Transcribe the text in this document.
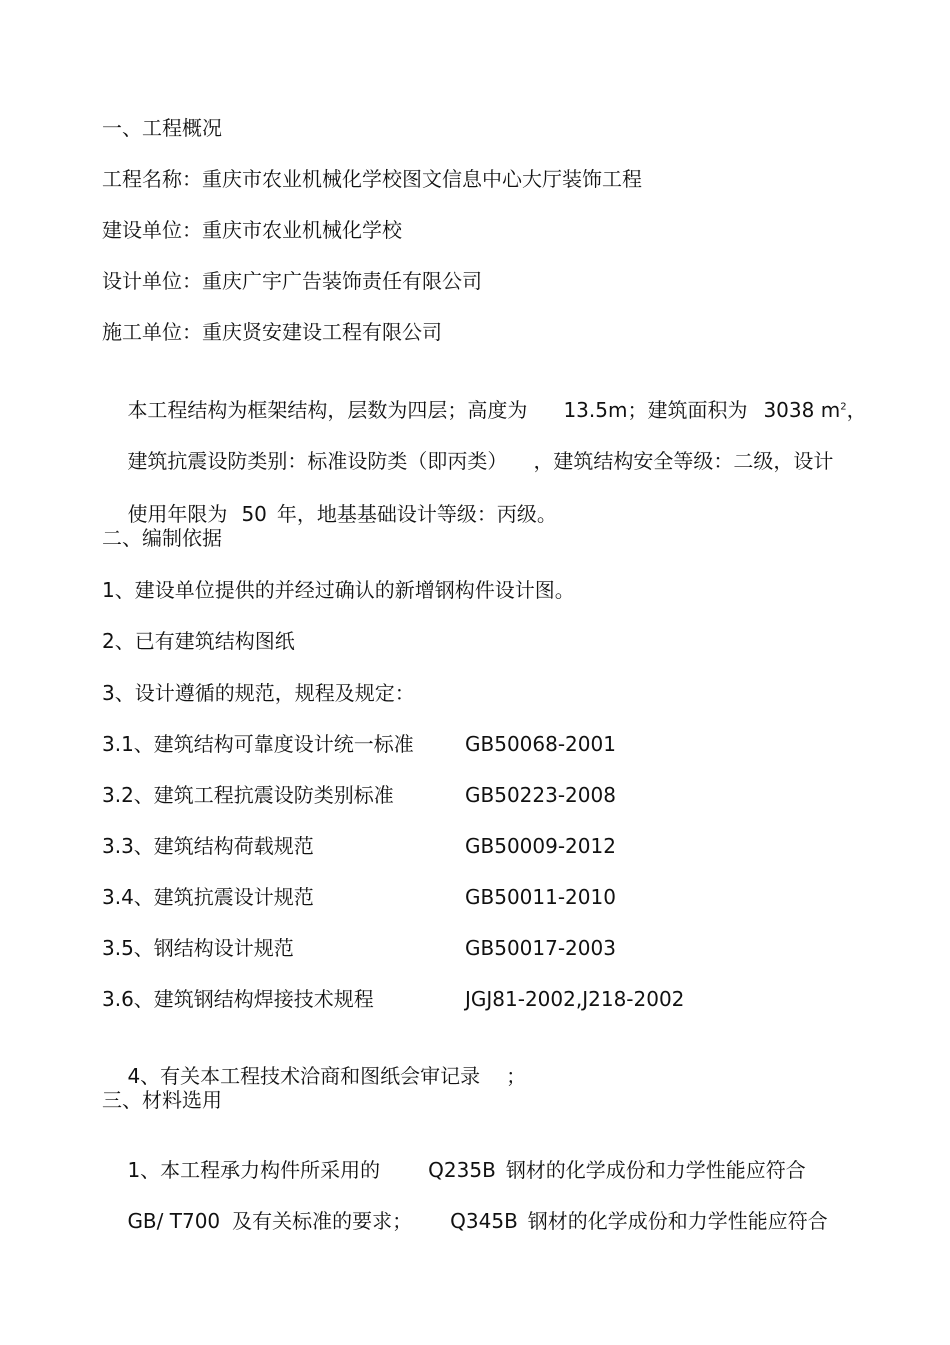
一、工程概况
工程名称：重庆市农业机械化学校图文信息中心大厅装饰工程
建设单位：重庆市农业机械化学校
设计单位：重庆广宇广告装饰责任有限公司
施工单位：重庆贤安建设工程有限公司

本工程结构为框架结构，层数为四层；高度为 13.5m；建筑面积为 3038 $m^2$，

建筑抗震设防类别：标准设防类（即丙类） ，建筑结构安全等级：二级，设计

使用年限为 50 年，地基基础设计等级：丙级。

二、编制依据
1、建设单位提供的并经过确认的新增钢构件设计图。
2、已有建筑结构图纸
3、设计遵循的规范，规程及规定：
3.1、建筑结构可靠度设计统一标准	GB50068-2001
3.2、建筑工程抗震设防类别标准	GB50223-2008
3.3、建筑结构荷载规范	GB50009-2012
3.4、建筑抗震设计规范	GB50011-2010
3.5、钢结构设计规范	GB50017-2003
3.6、建筑钢结构焊接技术规程	JGJ81-2002,J218-2002

4、有关本工程技术洽商和图纸会审记录 ；

三、材料选用

1、本工程承力构件所采用的 Q235B 钢材的化学成份和力学性能应符合

GB/ T700 及有关标准的要求； Q345B 钢材的化学成份和力学性能应符合
